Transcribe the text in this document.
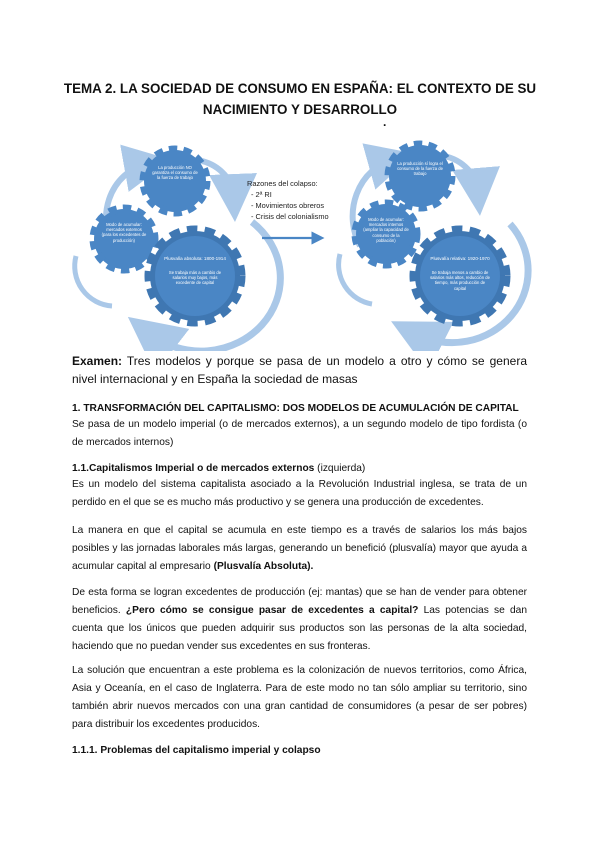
TEMA 2. LA SOCIEDAD DE CONSUMO EN ESPAÑA: EL CONTEXTO DE SU NACIMIENTO Y DESARROLLO
.
La producción NO garantiza el consumo de la fuerza de trabajo
Modo de acumular: mercados externos (para los excedentes de producción)
Plusvalía absoluta: 1800-1914
Se trabaja más a cambio de salarios muy bajos, más excedente de capital
La producción sí logra el consumo de la fuerza de trabajo
Modo de acumular: mercados internos (ampliar la capacidad de consumo de la población)
Plusvalía relativa: 1920-1970
Se trabaja menos a cambio de salarios más altos, reducción de tiempo, más producción de capital
Razones del colapso:
- 2ª RI
- Movimientos obreros
- Crisis del colonialismo
Examen: Tres modelos y porque se pasa de un modelo a otro y cómo se genera nivel internacional y en España la sociedad de masas
1. TRANSFORMACIÓN DEL CAPITALISMO: DOS MODELOS DE ACUMULACIÓN DE CAPITAL
Se pasa de un modelo imperial (o de mercados externos), a un segundo modelo de tipo fordista (o de mercados internos)
1.1.Capitalismos Imperial o de mercados externos (izquierda)
Es un modelo del sistema capitalista asociado a la Revolución Industrial inglesa, se trata de un perdido en el que se es mucho más productivo y se genera una producción de excedentes.
La manera en que el capital se acumula en este tiempo es a través de salarios los más bajos posibles y las jornadas laborales más largas, generando un benefició (plusvalía) mayor que ayuda a acumular capital al empresario (Plusvalía Absoluta).
De esta forma se logran excedentes de producción (ej: mantas) que se han de vender para obtener beneficios. ¿Pero cómo se consigue pasar de excedentes a capital? Las potencias se dan cuenta que los únicos que pueden adquirir sus productos son las personas de la alta sociedad, haciendo que no puedan vender sus excedentes en sus fronteras.
La solución que encuentran a este problema es la colonización de nuevos territorios, como África, Asia y Oceanía, en el caso de Inglaterra. Para de este modo no tan sólo ampliar su territorio, sino también abrir nuevos mercados con una gran cantidad de consumidores (a pesar de ser pobres) para distribuir los excedentes producidos.
1.1.1. Problemas del capitalismo imperial y colapso
